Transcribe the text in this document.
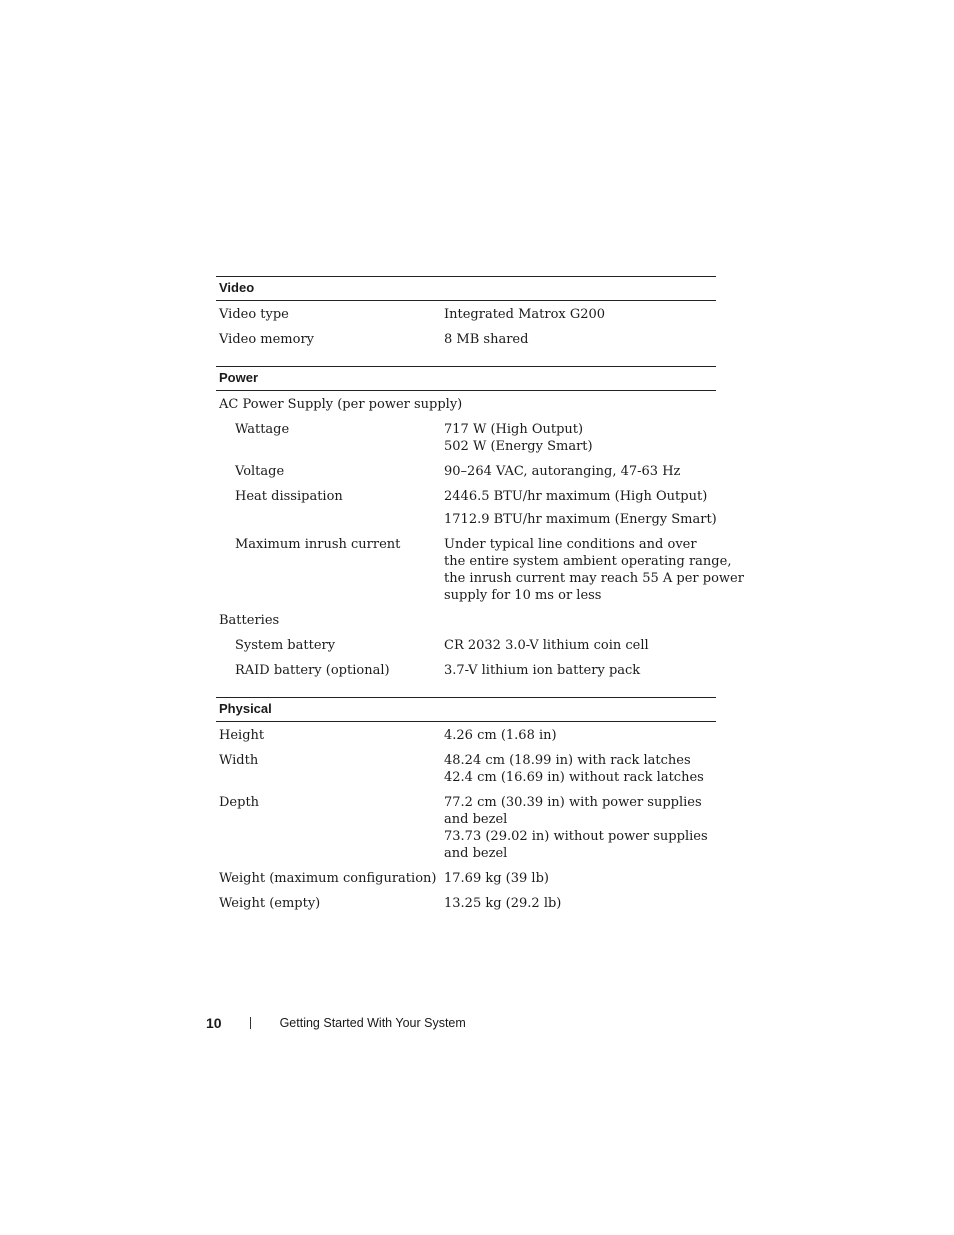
Video
Video type	Integrated Matrox G200
Video memory	8 MB shared
Power
AC Power Supply (per power supply)
Wattage	717 W (High Output)
502 W (Energy Smart)
Voltage	90–264 VAC, autoranging, 47-63 Hz
Heat dissipation	2446.5 BTU/hr maximum (High Output)
1712.9 BTU/hr maximum (Energy Smart)
Maximum inrush current	Under typical line conditions and over
the entire system ambient operating range,
the inrush current may reach 55 A per power
supply for 10 ms or less
Batteries
System battery	CR 2032 3.0-V lithium coin cell
RAID battery (optional)	3.7-V lithium ion battery pack
Physical
Height	4.26 cm (1.68 in)
Width	48.24 cm (18.99 in) with rack latches
42.4 cm (16.69 in) without rack latches
Depth	77.2 cm (30.39 in) with power supplies
and bezel
73.73 (29.02 in) without power supplies
and bezel
Weight (maximum configuration) 17.69 kg (39 lb)
Weight (empty)	13.25 kg (29.2 lb)
10	Getting Started With Your System
